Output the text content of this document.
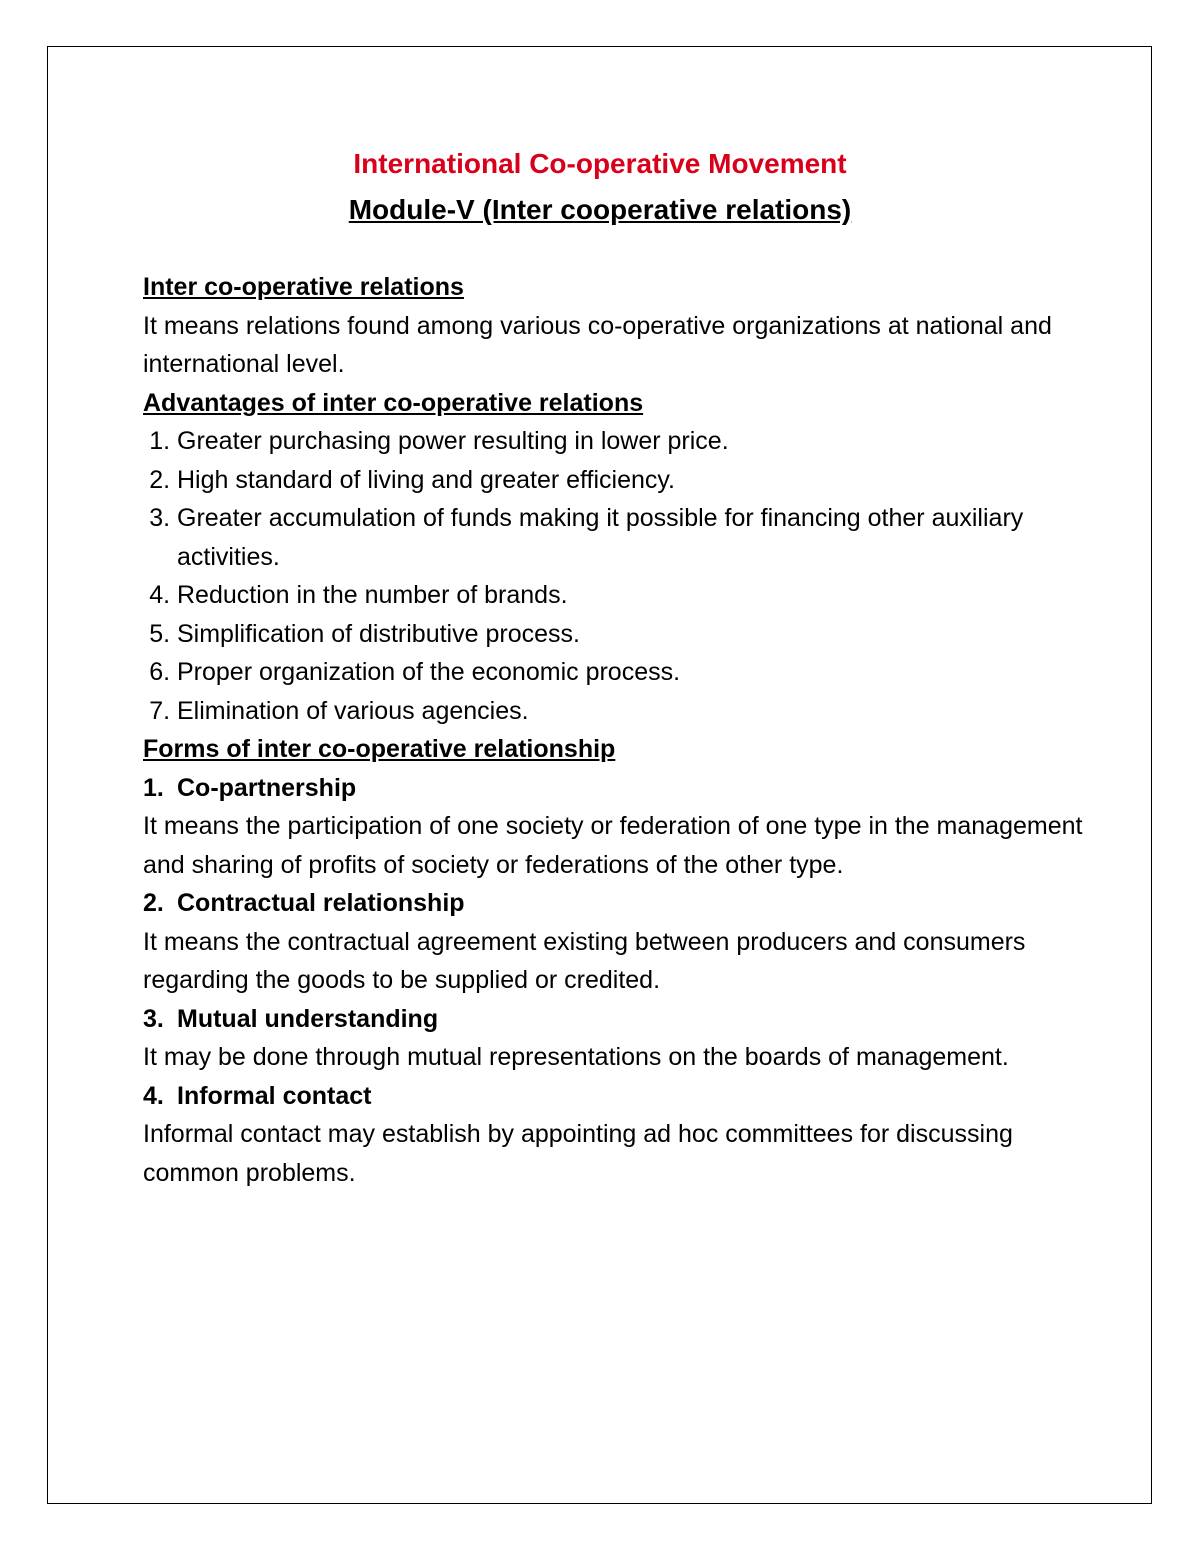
International Co-operative Movement
Module-V (Inter cooperative relations)

Inter co-operative relations

It means relations found among various co-operative organizations at national and international level.

Advantages of inter co-operative relations

1. Greater purchasing power resulting in lower price.
2. High standard of living and greater efficiency.
3. Greater accumulation of funds making it possible for financing other auxiliary activities.
4. Reduction in the number of brands.
5. Simplification of distributive process.
6. Proper organization of the economic process.
7. Elimination of various agencies.

Forms of inter co-operative relationship

1. Co-partnership

It means the participation of one society or federation of one type in the management and sharing of profits of society or federations of the other type.

2. Contractual relationship

It means the contractual agreement existing between producers and consumers regarding the goods to be supplied or credited.

3. Mutual understanding

It may be done through mutual representations on the boards of management.

4. Informal contact

Informal contact may establish by appointing ad hoc committees for discussing common problems.
